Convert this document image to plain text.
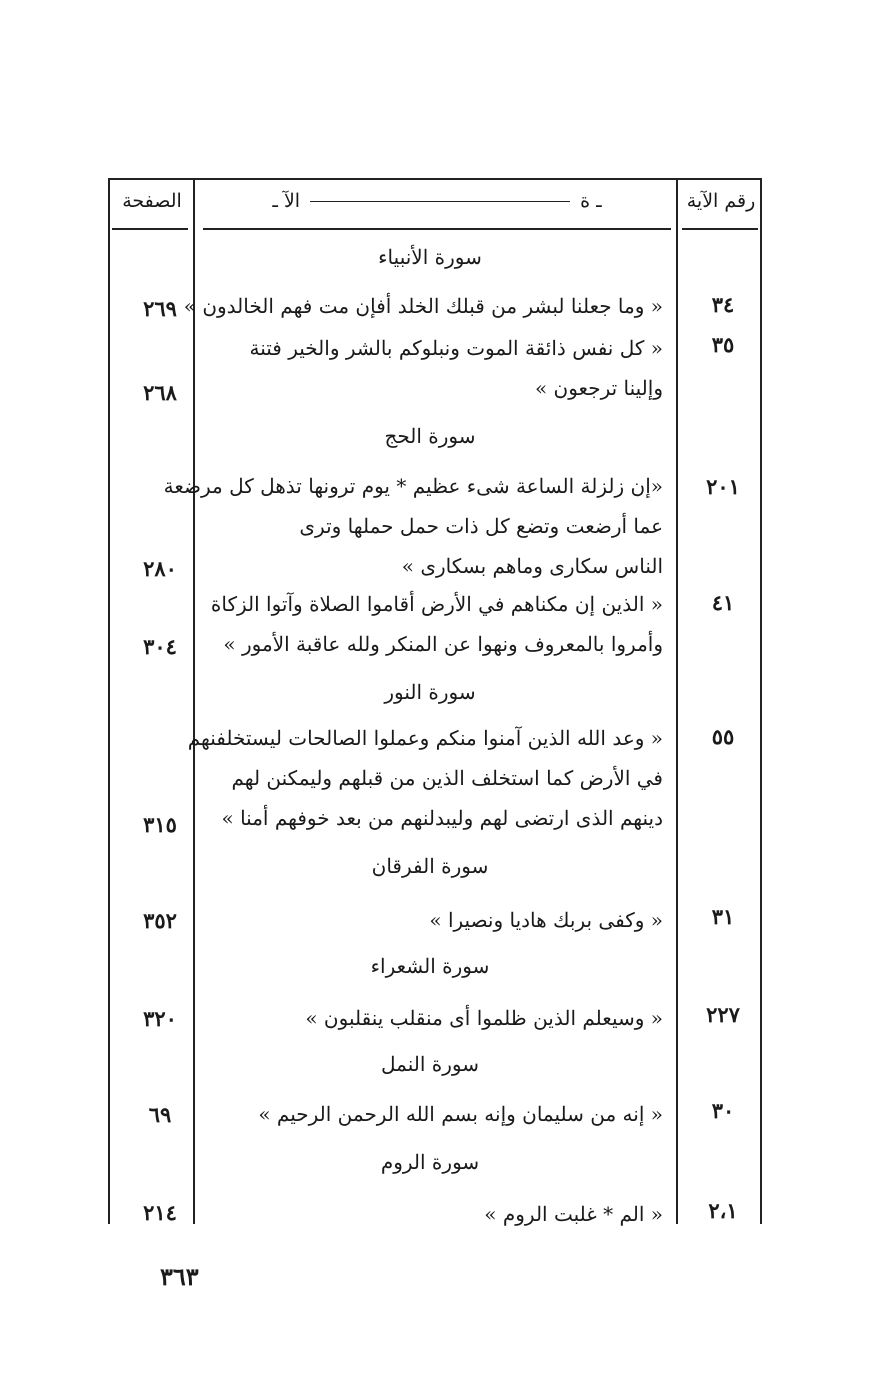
الصفحة	ـ ة
الآ ـ	رقم الآية
سورة الأنبياء
٣٤
« وما جعلنا لبشر من قبلك الخلد أفإن مت فهم الخالدون »
٢٦٩
٣٥
« كل نفس ذائقة الموت ونبلوكم بالشر والخير فتنة
وإلينا ترجعون »
٢٦٨
سورة الحج
٢٠١
«إن زلزلة الساعة شىء عظيم * يوم ترونها تذهل كل مرضعة
عما أرضعت وتضع كل ذات حمل حملها وترى
الناس سكارى وماهم بسكارى »
٢٨٠
٤١
« الذين إن مكناهم في الأرض أقاموا الصلاة وآتوا الزكاة
وأمروا بالمعروف ونهوا عن المنكر ولله عاقبة الأمور »
٣٠٤
سورة النور
٥٥
« وعد الله الذين آمنوا منكم وعملوا الصالحات ليستخلفنهم
في الأرض كما استخلف الذين من قبلهم وليمكنن لهم
دينهم الذى ارتضى لهم وليبدلنهم من بعد خوفهم أمنا »
٣١٥
سورة الفرقان
٣١
« وكفى بربك هاديا ونصيرا »
٣٥٢
سورة الشعراء
٢٢٧
« وسيعلم الذين ظلموا أى منقلب ينقلبون »
٣٢٠
سورة النمل
٣٠
« إنه من سليمان وإنه بسم الله الرحمن الرحيم »
٦٩
سورة الروم
٢،١
« الم * غلبت الروم »
٢١٤
٣٦٣
